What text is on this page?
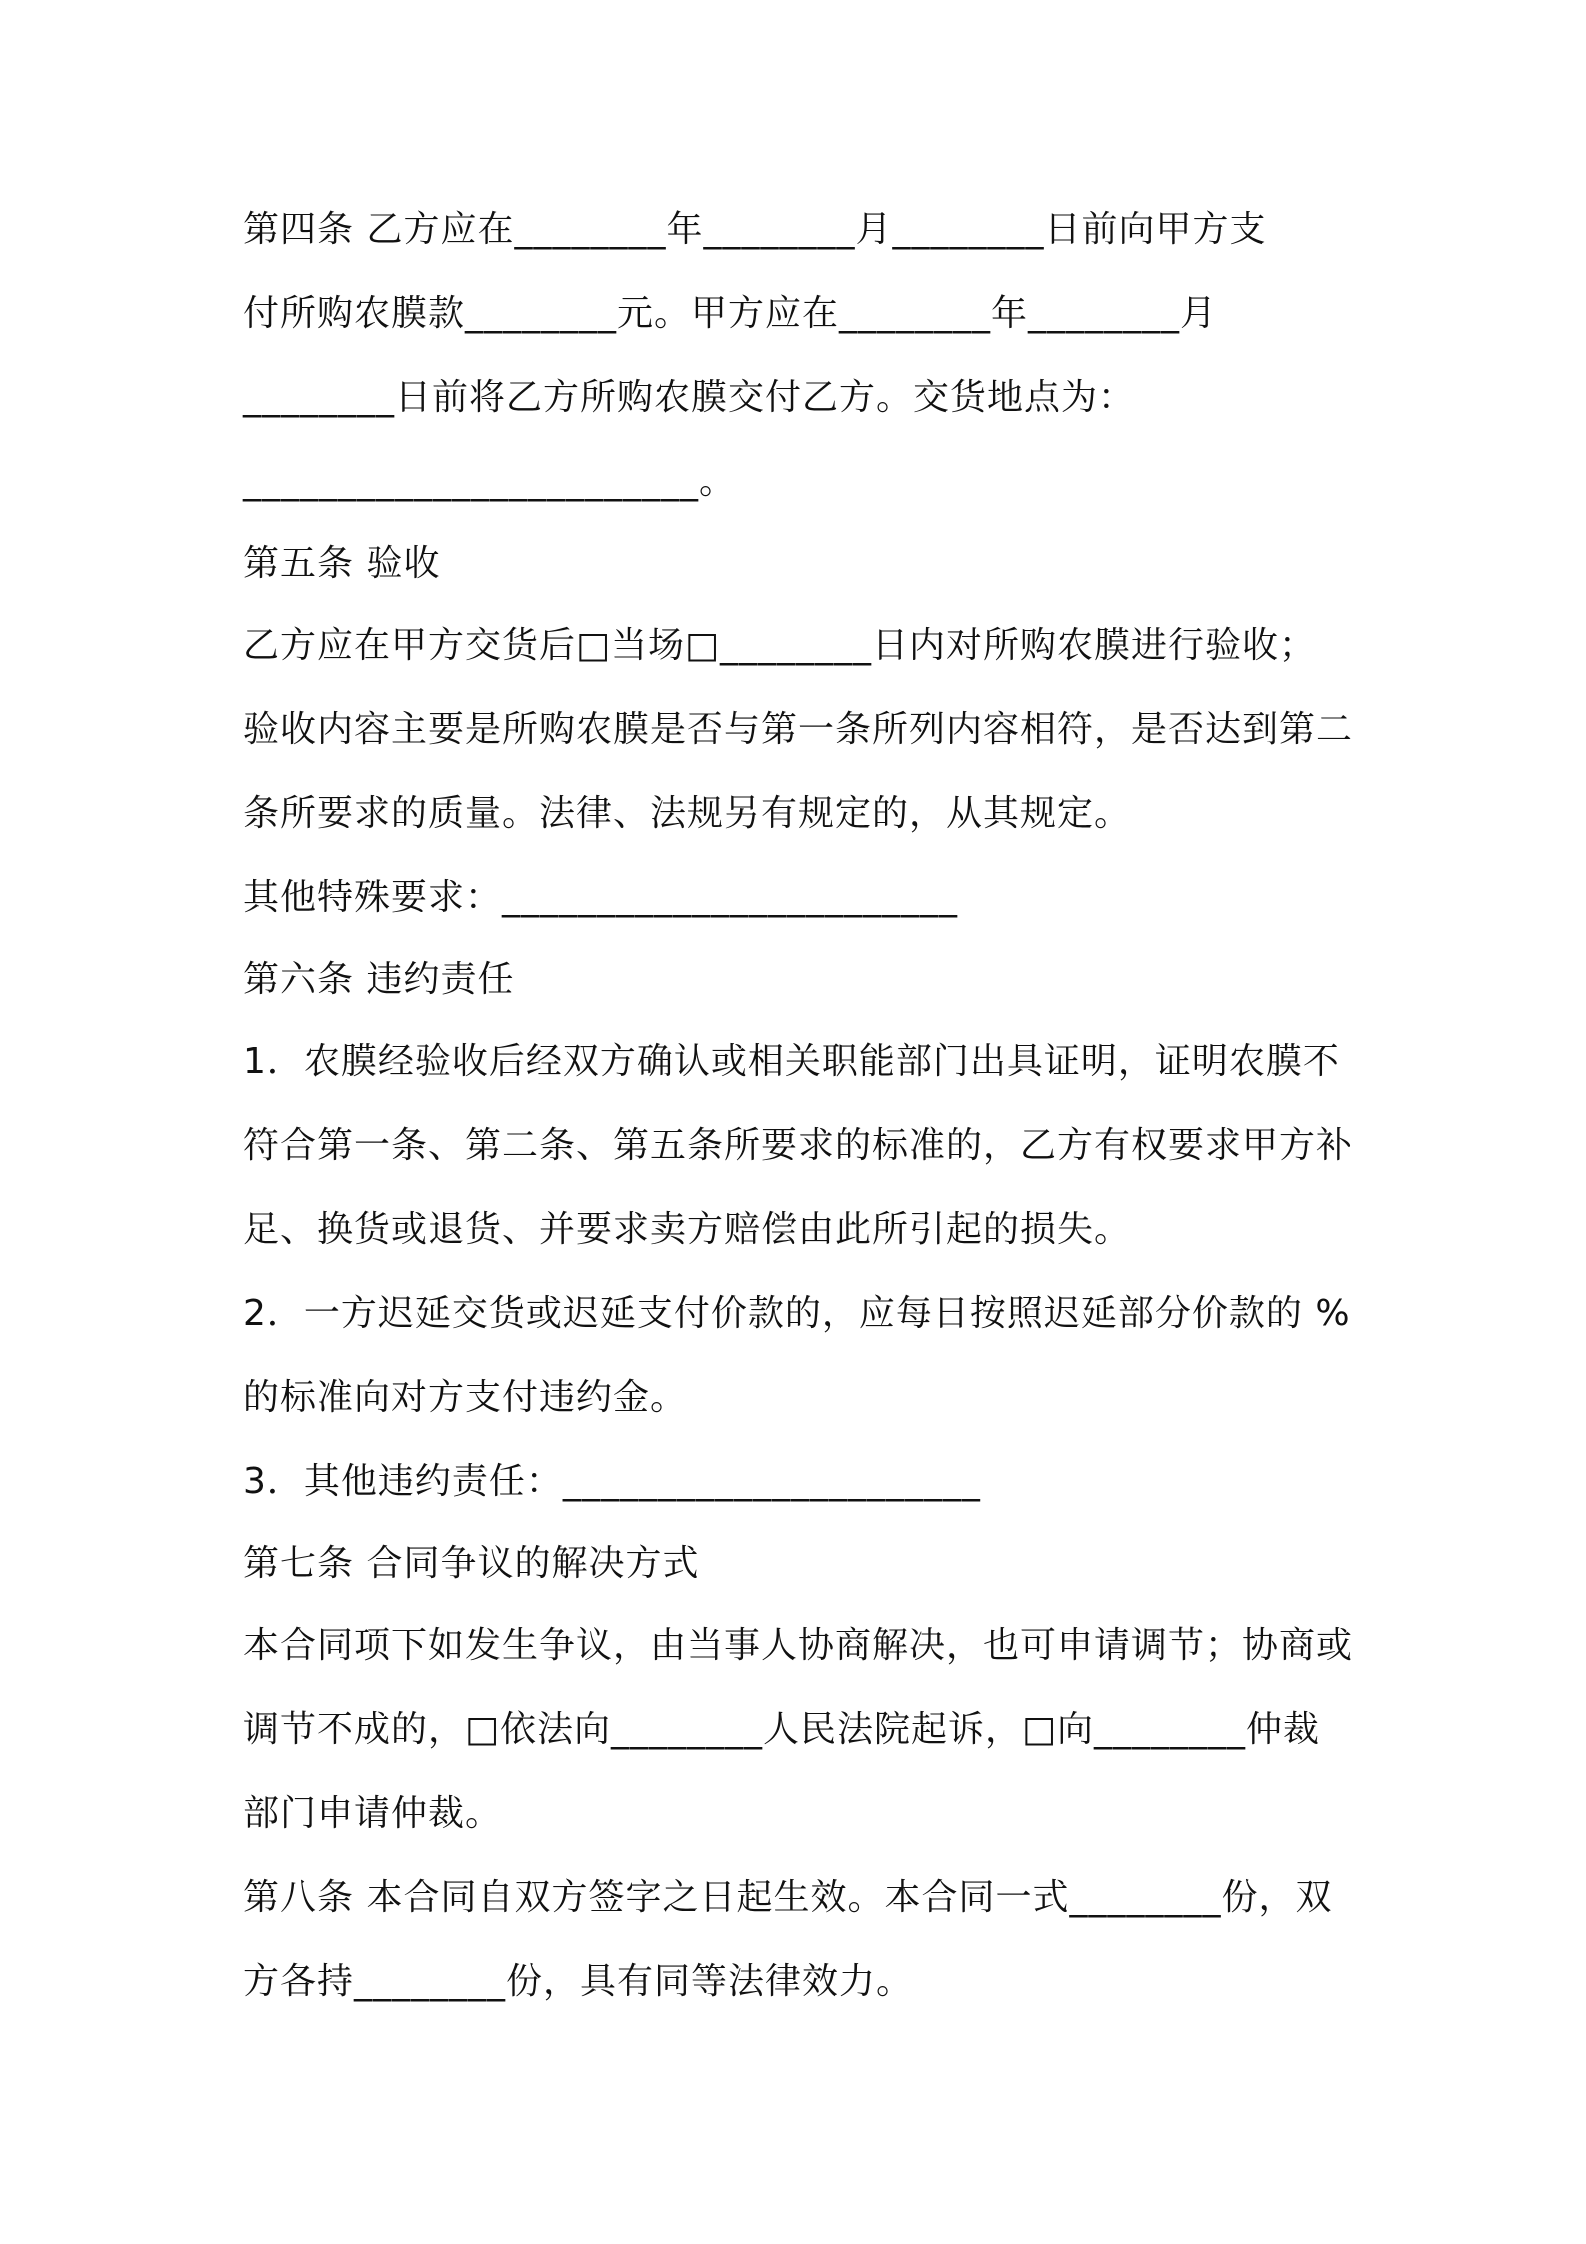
第四条 乙方应在________年________月________日前向甲方支

付所购农膜款________元。甲方应在________年________月

________日前将乙方所购农膜交付乙方。交货地点为：

________________________。

第五条 验收

乙方应在甲方交货后□当场□________日内对所购农膜进行验收；

验收内容主要是所购农膜是否与第一条所列内容相符，是否达到第二

条所要求的质量。法律、法规另有规定的，从其规定。

其他特殊要求：________________________

第六条 违约责任

1．农膜经验收后经双方确认或相关职能部门出具证明，证明农膜不

符合第一条、第二条、第五条所要求的标准的，乙方有权要求甲方补

足、换货或退货、并要求卖方赔偿由此所引起的损失。

2．一方迟延交货或迟延支付价款的，应每日按照迟延部分价款的 %

的标准向对方支付违约金。

3．其他违约责任：______________________

第七条 合同争议的解决方式

本合同项下如发生争议，由当事人协商解决，也可申请调节；协商或

调节不成的，□依法向________人民法院起诉，□向________仲裁

部门申请仲裁。

第八条 本合同自双方签字之日起生效。本合同一式________份，双

方各持________份，具有同等法律效力。
